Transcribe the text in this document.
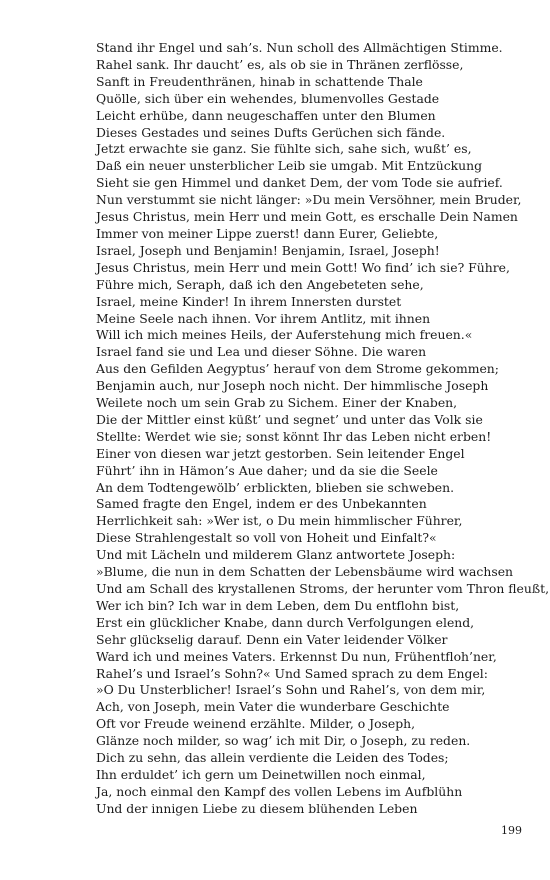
Stand ihr Engel und sah’s. Nun scholl des Allmächtigen Stimme.
Rahel sank. Ihr daucht’ es, als ob sie in Thränen zerflösse,
Sanft in Freudenthränen, hinab in schattende Thale
Quölle, sich über ein wehendes, blumenvolles Gestade
Leicht erhübe, dann neugeschaffen unter den Blumen
Dieses Gestades und seines Dufts Gerüchen sich fände.
Jetzt erwachte sie ganz. Sie fühlte sich, sahe sich, wußt’ es,
Daß ein neuer unsterblicher Leib sie umgab. Mit Entzückung
Sieht sie gen Himmel und danket Dem, der vom Tode sie aufrief.
Nun verstummt sie nicht länger: »Du mein Versöhner, mein Bruder,
Jesus Christus, mein Herr und mein Gott, es erschalle Dein Namen
Immer von meiner Lippe zuerst! dann Eurer, Geliebte,
Israel, Joseph und Benjamin! Benjamin, Israel, Joseph!
Jesus Christus, mein Herr und mein Gott! Wo find’ ich sie? Führe,
Führe mich, Seraph, daß ich den Angebeteten sehe,
Israel, meine Kinder! In ihrem Innersten durstet
Meine Seele nach ihnen. Vor ihrem Antlitz, mit ihnen
Will ich mich meines Heils, der Auferstehung mich freuen.«
Israel fand sie und Lea und dieser Söhne. Die waren
Aus den Gefilden Aegyptus’ herauf von dem Strome gekommen;
Benjamin auch, nur Joseph noch nicht. Der himmlische Joseph
Weilete noch um sein Grab zu Sichem. Einer der Knaben,
Die der Mittler einst küßt’ und segnet’ und unter das Volk sie
Stellte: Werdet wie sie; sonst könnt Ihr das Leben nicht erben!
Einer von diesen war jetzt gestorben. Sein leitender Engel
Führt’ ihn in Hämon’s Aue daher; und da sie die Seele
An dem Todtengewölb’ erblickten, blieben sie schweben.
Samed fragte den Engel, indem er des Unbekannten
Herrlichkeit sah: »Wer ist, o Du mein himmlischer Führer,
Diese Strahlengestalt so voll von Hoheit und Einfalt?«
Und mit Lächeln und milderem Glanz antwortete Joseph:
»Blume, die nun in dem Schatten der Lebensbäume wird wachsen
Und am Schall des krystallenen Stroms, der herunter vom Thron fleußt,
Wer ich bin? Ich war in dem Leben, dem Du entflohn bist,
Erst ein glücklicher Knabe, dann durch Verfolgungen elend,
Sehr glückselig darauf. Denn ein Vater leidender Völker
Ward ich und meines Vaters. Erkennst Du nun, Frühentfloh’ner,
Rahel’s und Israel’s Sohn?« Und Samed sprach zu dem Engel:
»O Du Unsterblicher! Israel’s Sohn und Rahel’s, von dem mir,
Ach, von Joseph, mein Vater die wunderbare Geschichte
Oft vor Freude weinend erzählte. Milder, o Joseph,
Glänze noch milder, so wag’ ich mit Dir, o Joseph, zu reden.
Dich zu sehn, das allein verdiente die Leiden des Todes;
Ihn erduldet’ ich gern um Deinetwillen noch einmal,
Ja, noch einmal den Kampf des vollen Lebens im Aufblühn
Und der innigen Liebe zu diesem blühenden Leben
199
